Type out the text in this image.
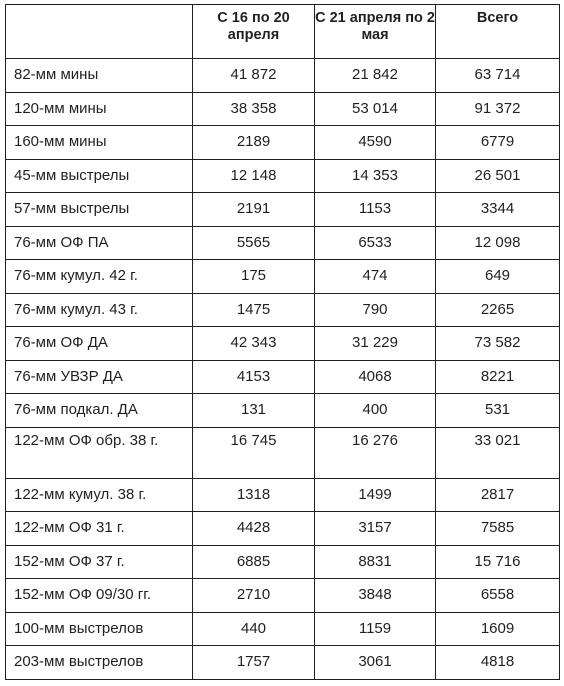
	С 16 по 20 апреля	С 21 апреля по 2 мая	Всего
82-мм мины	41 872	21 842	63 714
120-мм мины	38 358	53 014	91 372
160-мм мины	2189	4590	6779
45-мм выстрелы	12 148	14 353	26 501
57-мм выстрелы	2191	1153	3344
76-мм ОФ ПА	5565	6533	12 098
76-мм кумул. 42 г.	175	474	649
76-мм кумул. 43 г.	1475	790	2265
76-мм ОФ ДА	42 343	31 229	73 582
76-мм УВЗР ДА	4153	4068	8221
76-мм подкал. ДА	131	400	531
122-мм ОФ обр. 38 г.	16 745	16 276	33 021
122-мм кумул. 38 г.	1318	1499	2817
122-мм ОФ 31 г.	4428	3157	7585
152-мм ОФ 37 г.	6885	8831	15 716
152-мм ОФ 09/30 гг.	2710	3848	6558
100-мм выстрелов	440	1159	1609
203-мм выстрелов	1757	3061	4818
